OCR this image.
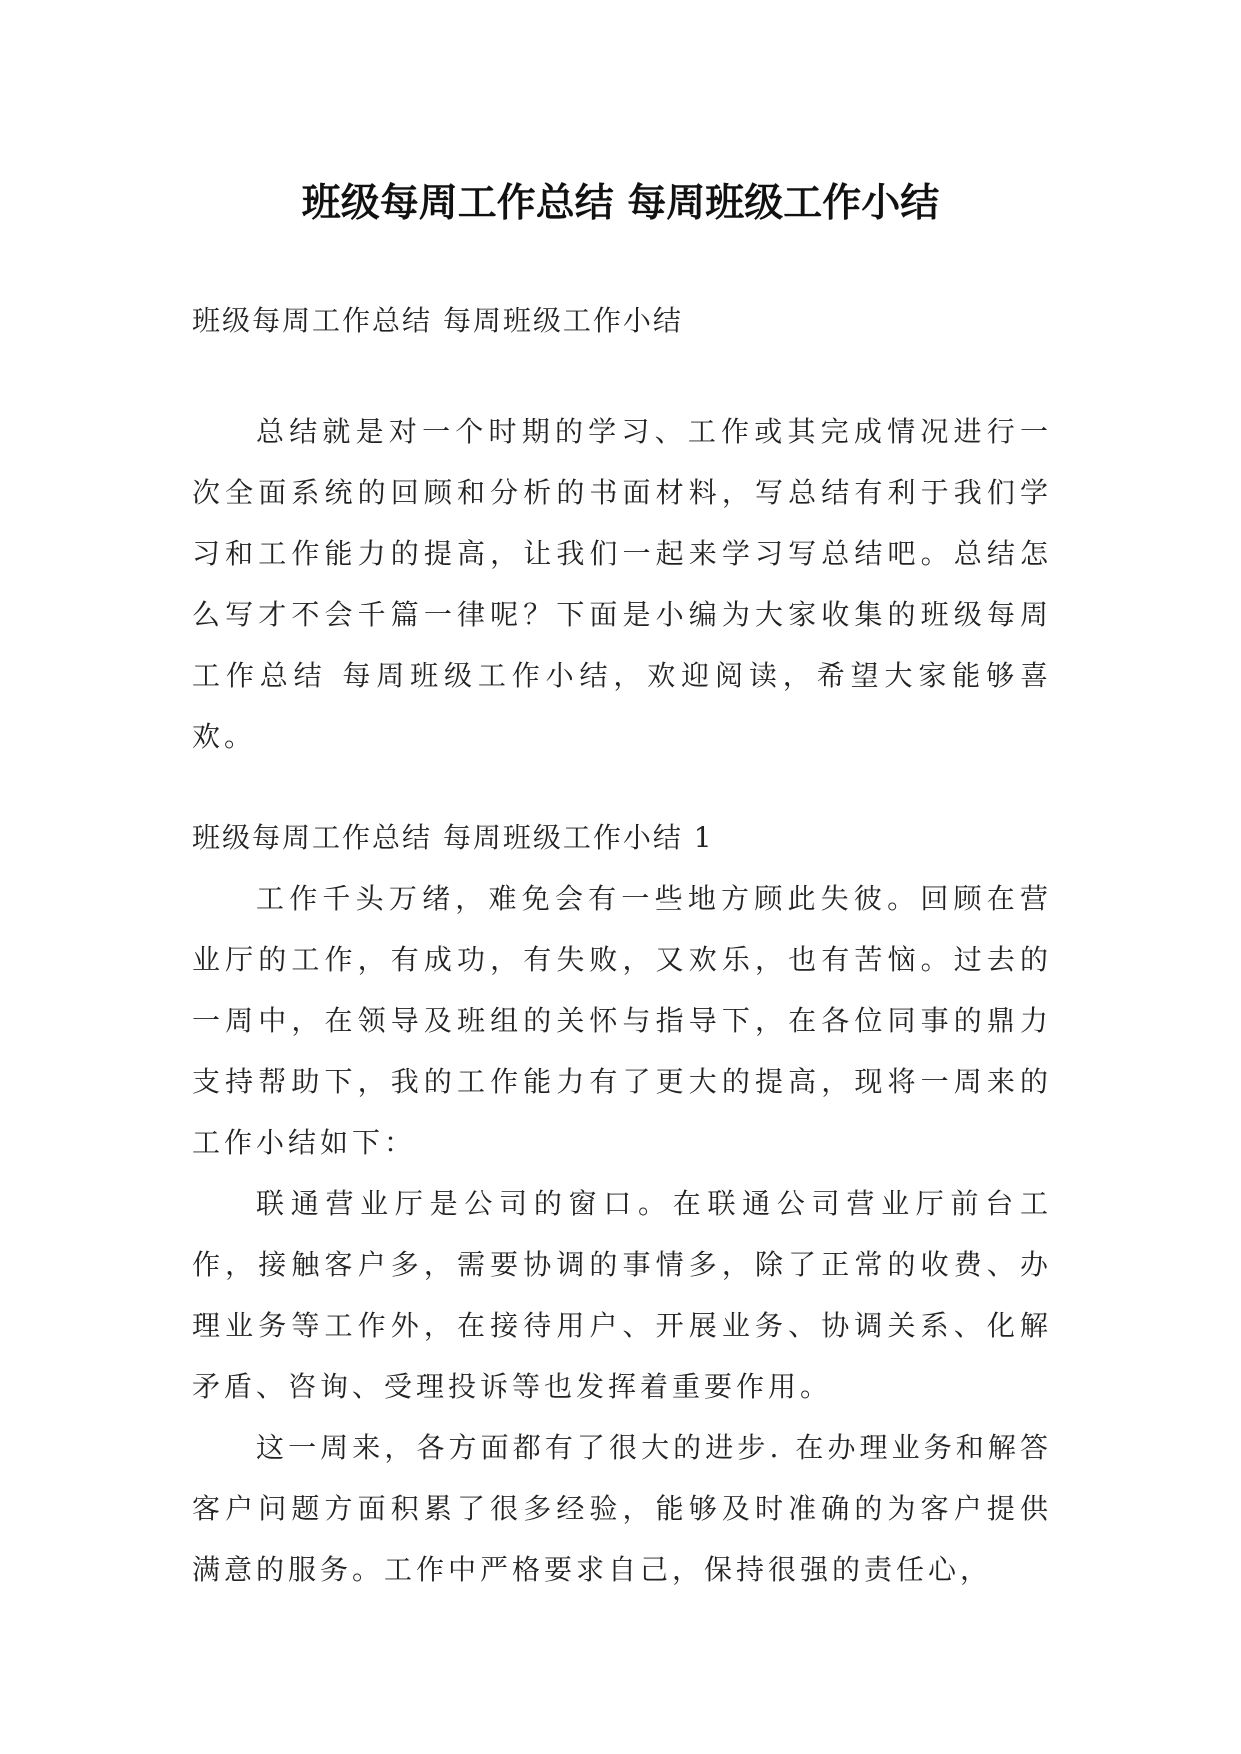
班级每周工作总结 每周班级工作小结
班级每周工作总结 每周班级工作小结

总结就是对一个时期的学习、工作或其完成情况进行一次全面系统的回顾和分析的书面材料，写总结有利于我们学习和工作能力的提高，让我们一起来学习写总结吧。总结怎么写才不会千篇一律呢？下面是小编为大家收集的班级每周工作总结 每周班级工作小结，欢迎阅读，希望大家能够喜欢。

班级每周工作总结 每周班级工作小结 1

工作千头万绪，难免会有一些地方顾此失彼。回顾在营业厅的工作，有成功，有失败，又欢乐，也有苦恼。过去的一周中，在领导及班组的关怀与指导下，在各位同事的鼎力支持帮助下，我的工作能力有了更大的提高，现将一周来的工作小结如下：

联通营业厅是公司的窗口。在联通公司营业厅前台工作，接触客户多，需要协调的事情多，除了正常的收费、办理业务等工作外，在接待用户、开展业务、协调关系、化解矛盾、咨询、受理投诉等也发挥着重要作用。

这一周来，各方面都有了很大的进步. 在办理业务和解答客户问题方面积累了很多经验，能够及时准确的为客户提供满意的服务。工作中严格要求自己，保持很强的责任心，
